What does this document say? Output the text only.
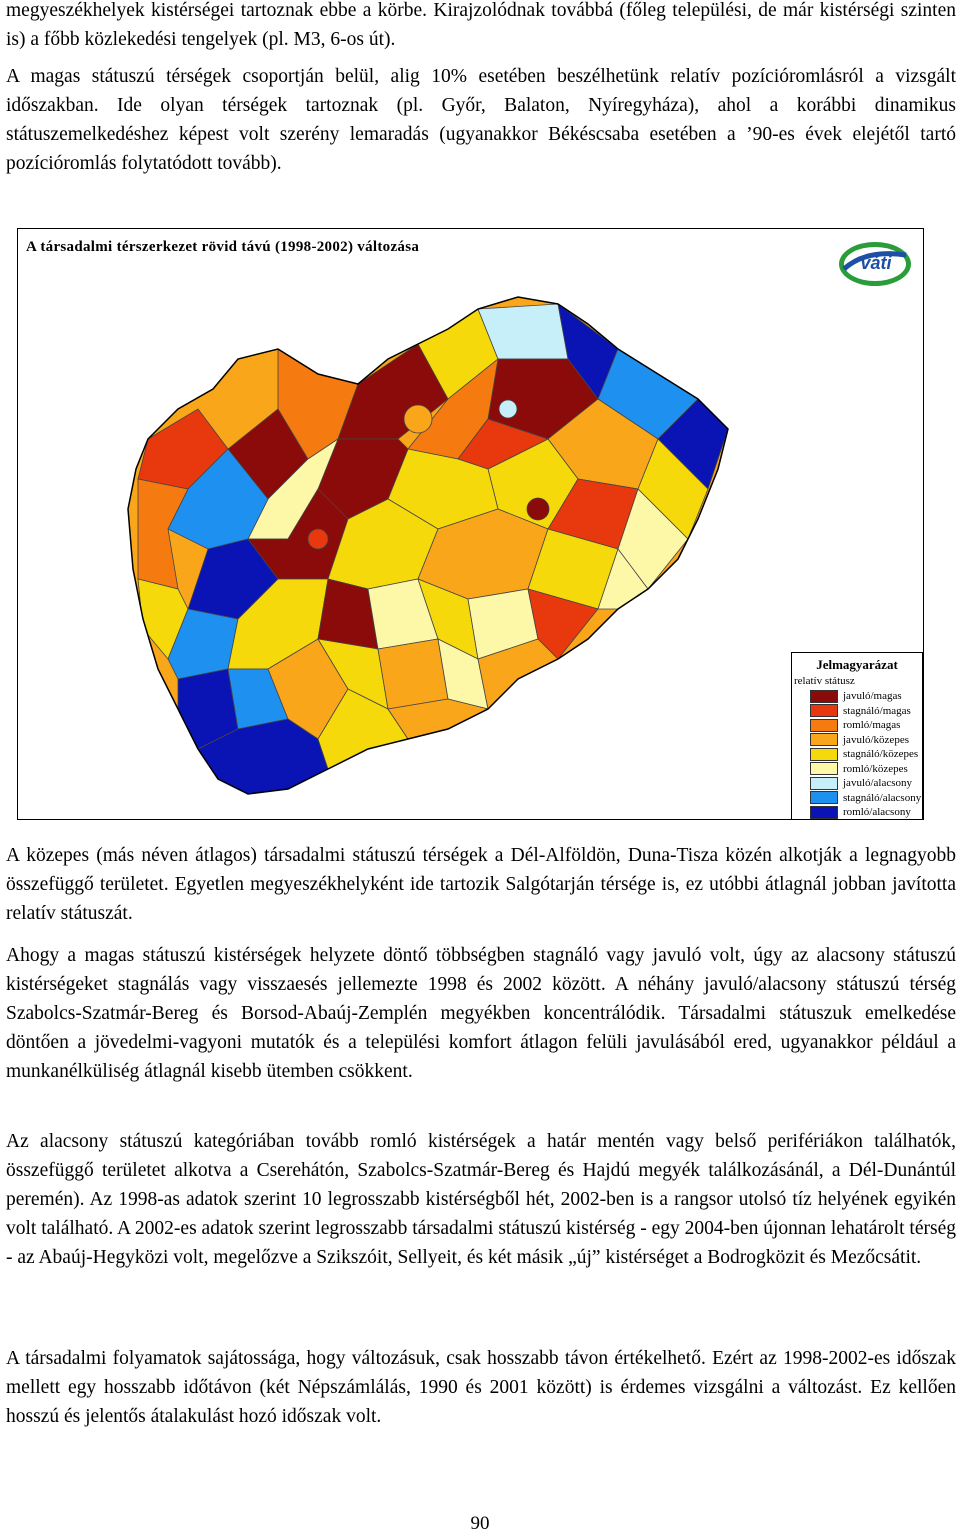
megyeszékhelyek kistérségei tartoznak ebbe a körbe. Kirajzolódnak továbbá (főleg települési, de már kistérségi szinten is) a főbb közlekedési tengelyek (pl. M3, 6-os út).

A magas státuszú térségek csoportján belül, alig 10% esetében beszélhetünk relatív pozícióromlásról a vizsgált időszakban. Ide olyan térségek tartoznak (pl. Győr, Balaton, Nyíregyháza), ahol a korábbi dinamikus státuszemelkedéshez képest volt szerény lemaradás (ugyanakkor Békéscsaba esetében a ’90-es évek elejétől tartó pozícióromlás folytatódott tovább).

A társadalmi térszerkezet rövid távú (1998-2002) változása
váti
Jelmagyarázat
relatív státusz
javuló/magas
stagnáló/magas
romló/magas
javuló/közepes
stagnáló/közepes
romló/közepes
javuló/alacsony
stagnáló/alacsony
romló/alacsony

A közepes (más néven átlagos) társadalmi státuszú térségek a Dél-Alföldön, Duna-Tisza közén alkotják a legnagyobb összefüggő területet. Egyetlen megyeszékhelyként ide tartozik Salgótarján térsége is, ez utóbbi átlagnál jobban javította relatív státuszát.

Ahogy a magas státuszú kistérségek helyzete döntő többségben stagnáló vagy javuló volt, úgy az alacsony státuszú kistérségeket stagnálás vagy visszaesés jellemezte 1998 és 2002 között. A néhány javuló/alacsony státuszú térség Szabolcs-Szatmár-Bereg és Borsod-Abaúj-Zemplén megyékben koncentrálódik. Társadalmi státuszuk emelkedése döntően a jövedelmi-vagyoni mutatók és a települési komfort átlagon felüli javulásából ered, ugyanakkor például a munkanélküliség átlagnál kisebb ütemben csökkent.

Az alacsony státuszú kategóriában tovább romló kistérségek a határ mentén vagy belső perifériákon találhatók, összefüggő területet alkotva a Cserehátón, Szabolcs-Szatmár-Bereg és Hajdú megyék találkozásánál, a Dél-Dunántúl peremén). Az 1998-as adatok szerint 10 legrosszabb kistérségből hét, 2002-ben is a rangsor utolsó tíz helyének egyikén volt található. A 2002-es adatok szerint legrosszabb társadalmi státuszú kistérség - egy 2004-ben újonnan lehatárolt térség - az Abaúj-Hegyközi volt, megelőzve a Szikszóit, Sellyeit, és két másik „új” kistérséget a Bodrogközit és Mezőcsátit.

A társadalmi folyamatok sajátossága, hogy változásuk, csak hosszabb távon értékelhető. Ezért az 1998-2002-es időszak mellett egy hosszabb időtávon (két Népszámlálás, 1990 és 2001 között) is érdemes vizsgálni a változást. Ez kellően hosszú és jelentős átalakulást hozó időszak volt.

90
